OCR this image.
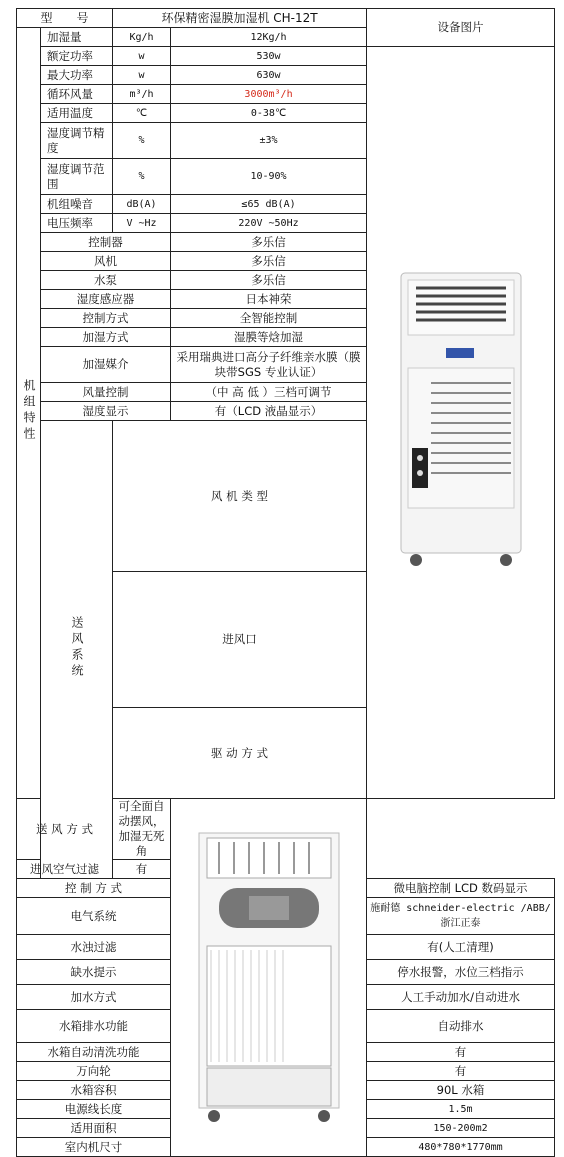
型　　号		环保精密湿膜加湿机 CH-12T		设备图片	
机组特性	加湿量	Kg/h	12Kg/h		
	额定功率	w	530w	

	最大功率	w	630w		
	循环风量	m³/h	3000m³/h		
	适用温度	℃	0-38℃		
	湿度调节精度	%	±3%		
	湿度调节范围	%	10-90%		
	机组噪音	dB(A)	≤65 dB(A)		
	电压频率	V ~Hz	220V ~50Hz		
	控制器		多乐信		
	风机		多乐信		
	水泵		多乐信		
	湿度感应器		日本神荣		
	控制方式		全智能控制		
	加湿方式		湿膜等焓加湿		
	加湿媒介		采用瑞典进口高分子纤维亲水膜（膜块带SGS 专业认证）		
	风量控制		（中 高 低 ）三档可调节		
	湿度显示		有（LCD 液晶显示）		
	送风系统	风 机 类 型		
		进风口	
		驱 动 方 式	
送 风 方 式		可全面自动摆风，加湿无死角	

进风空气过滤		有			
控 制 方 式				微电脑控制 LCD 数码显示	
电气系统				施耐德 schneider-electric /ABB/浙江正泰	
水浊过滤				有(人工清理)	
缺水提示				停水报警，水位三档指示	
加水方式				人工手动加水/自动进水	
水箱排水功能				自动排水	
水箱自动清洗功能				有	
万向轮				有	
水箱容积				90L 水箱	
电源线长度				1.5m	
适用面积				150-200m2	
室内机尺寸				480*780*1770mm	
